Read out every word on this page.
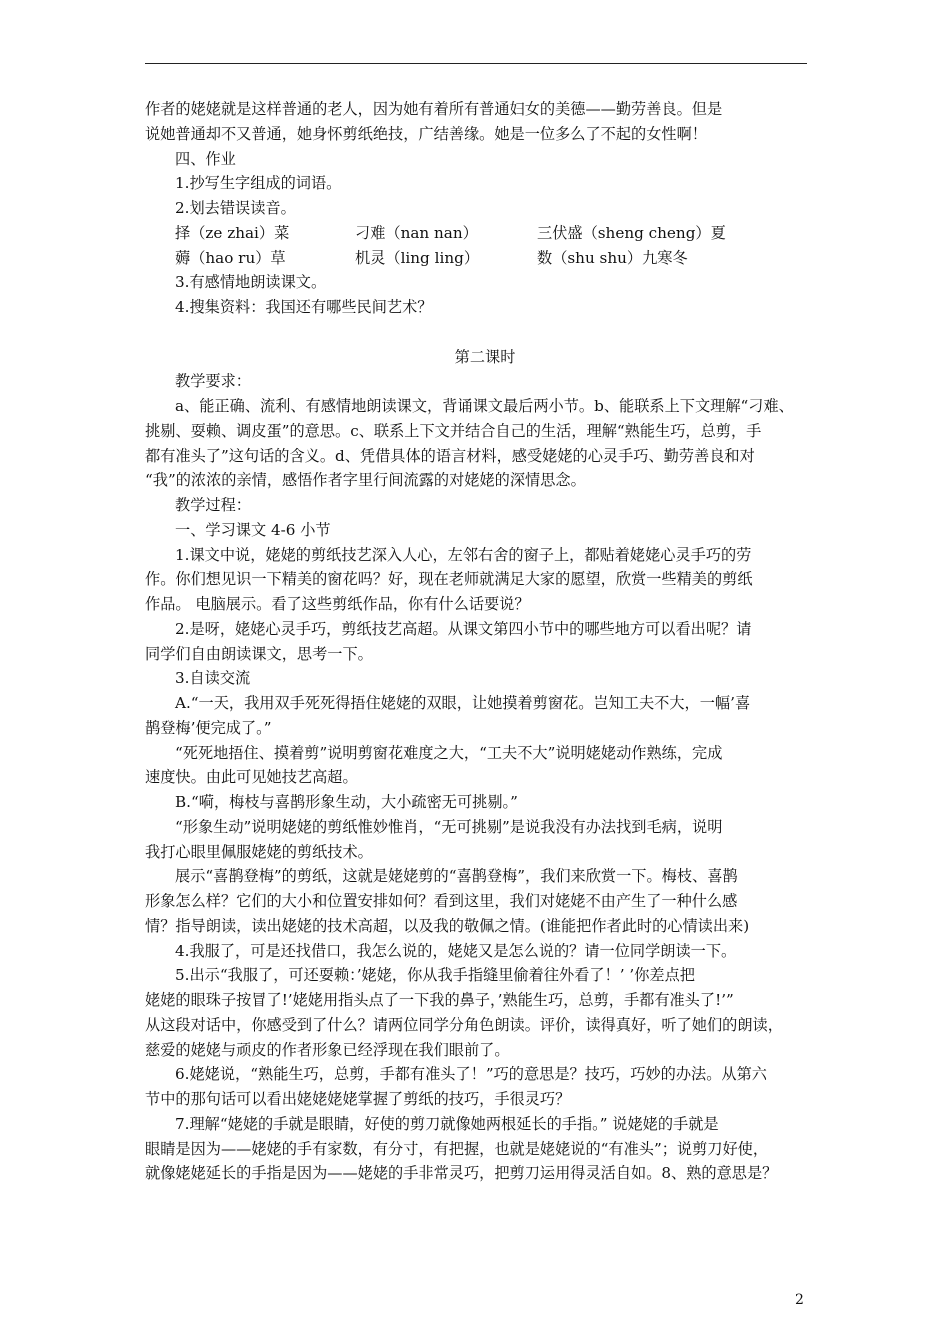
作者的姥姥就是这样普通的老人，因为她有着所有普通妇女的美德——勤劳善良。但是
说她普通却不又普通，她身怀剪纸绝技，广结善缘。她是一位多么了不起的女性啊！
四、作业
1.抄写生字组成的词语。
2.划去错误读音。
择（ze zhai）菜	刁难（nan nan）	三伏盛（sheng cheng）夏
薅（hao ru）草	机灵（ling ling）	数（shu shu）九寒冬
3.有感情地朗读课文。
4.搜集资料：我国还有哪些民间艺术？
第二课时
教学要求：
a、能正确、流利、有感情地朗读课文，背诵课文最后两小节。b、能联系上下文理解“刁难、
挑剔、耍赖、调皮蛋”的意思。c、联系上下文并结合自己的生活，理解“熟能生巧，总剪，手
都有准头了”这句话的含义。d、凭借具体的语言材料，感受姥姥的心灵手巧、勤劳善良和对
“我”的浓浓的亲情，感悟作者字里行间流露的对姥姥的深情思念。
教学过程：
一、学习课文 4-6 小节
1.课文中说，姥姥的剪纸技艺深入人心，左邻右舍的窗子上，都贴着姥姥心灵手巧的劳
作。你们想见识一下精美的窗花吗？好，现在老师就满足大家的愿望，欣赏一些精美的剪纸
作品。 电脑展示。看了这些剪纸作品，你有什么话要说？
2.是呀，姥姥心灵手巧，剪纸技艺高超。从课文第四小节中的哪些地方可以看出呢？请
同学们自由朗读课文，思考一下。
3.自读交流
A.“一天，我用双手死死得捂住姥姥的双眼，让她摸着剪窗花。岂知工夫不大，一幅’喜
鹊登梅’便完成了。”
“死死地捂住、摸着剪”说明剪窗花难度之大，“工夫不大”说明姥姥动作熟练，完成
速度快。由此可见她技艺高超。
B.“嗬，梅枝与喜鹊形象生动，大小疏密无可挑剔。”
“形象生动”说明姥姥的剪纸惟妙惟肖，“无可挑剔”是说我没有办法找到毛病，说明
我打心眼里佩服姥姥的剪纸技术。
展示“喜鹊登梅”的剪纸，这就是姥姥剪的“喜鹊登梅”，我们来欣赏一下。梅枝、喜鹊
形象怎么样？它们的大小和位置安排如何？看到这里，我们对姥姥不由产生了一种什么感
情？指导朗读，读出姥姥的技术高超，以及我的敬佩之情。(谁能把作者此时的心情读出来)
4.我服了，可是还找借口，我怎么说的，姥姥又是怎么说的？请一位同学朗读一下。
5.出示“我服了，可还耍赖：’姥姥，你从我手指缝里偷着往外看了！’ ’你差点把
姥姥的眼珠子按冒了!’姥姥用指头点了一下我的鼻子，’熟能生巧，总剪，手都有准头了!’”
从这段对话中，你感受到了什么？请两位同学分角色朗读。评价，读得真好，听了她们的朗读，
慈爱的姥姥与顽皮的作者形象已经浮现在我们眼前了。
6.姥姥说，“熟能生巧，总剪，手都有准头了！”巧的意思是？技巧，巧妙的办法。从第六
节中的那句话可以看出姥姥姥姥掌握了剪纸的技巧，手很灵巧？
7.理解“姥姥的手就是眼睛，好使的剪刀就像她两根延长的手指。” 说姥姥的手就是
眼睛是因为——姥姥的手有家数，有分寸，有把握，也就是姥姥说的“有准头”；说剪刀好使，
就像姥姥延长的手指是因为——姥姥的手非常灵巧，把剪刀运用得灵活自如。8、熟的意思是？
2
